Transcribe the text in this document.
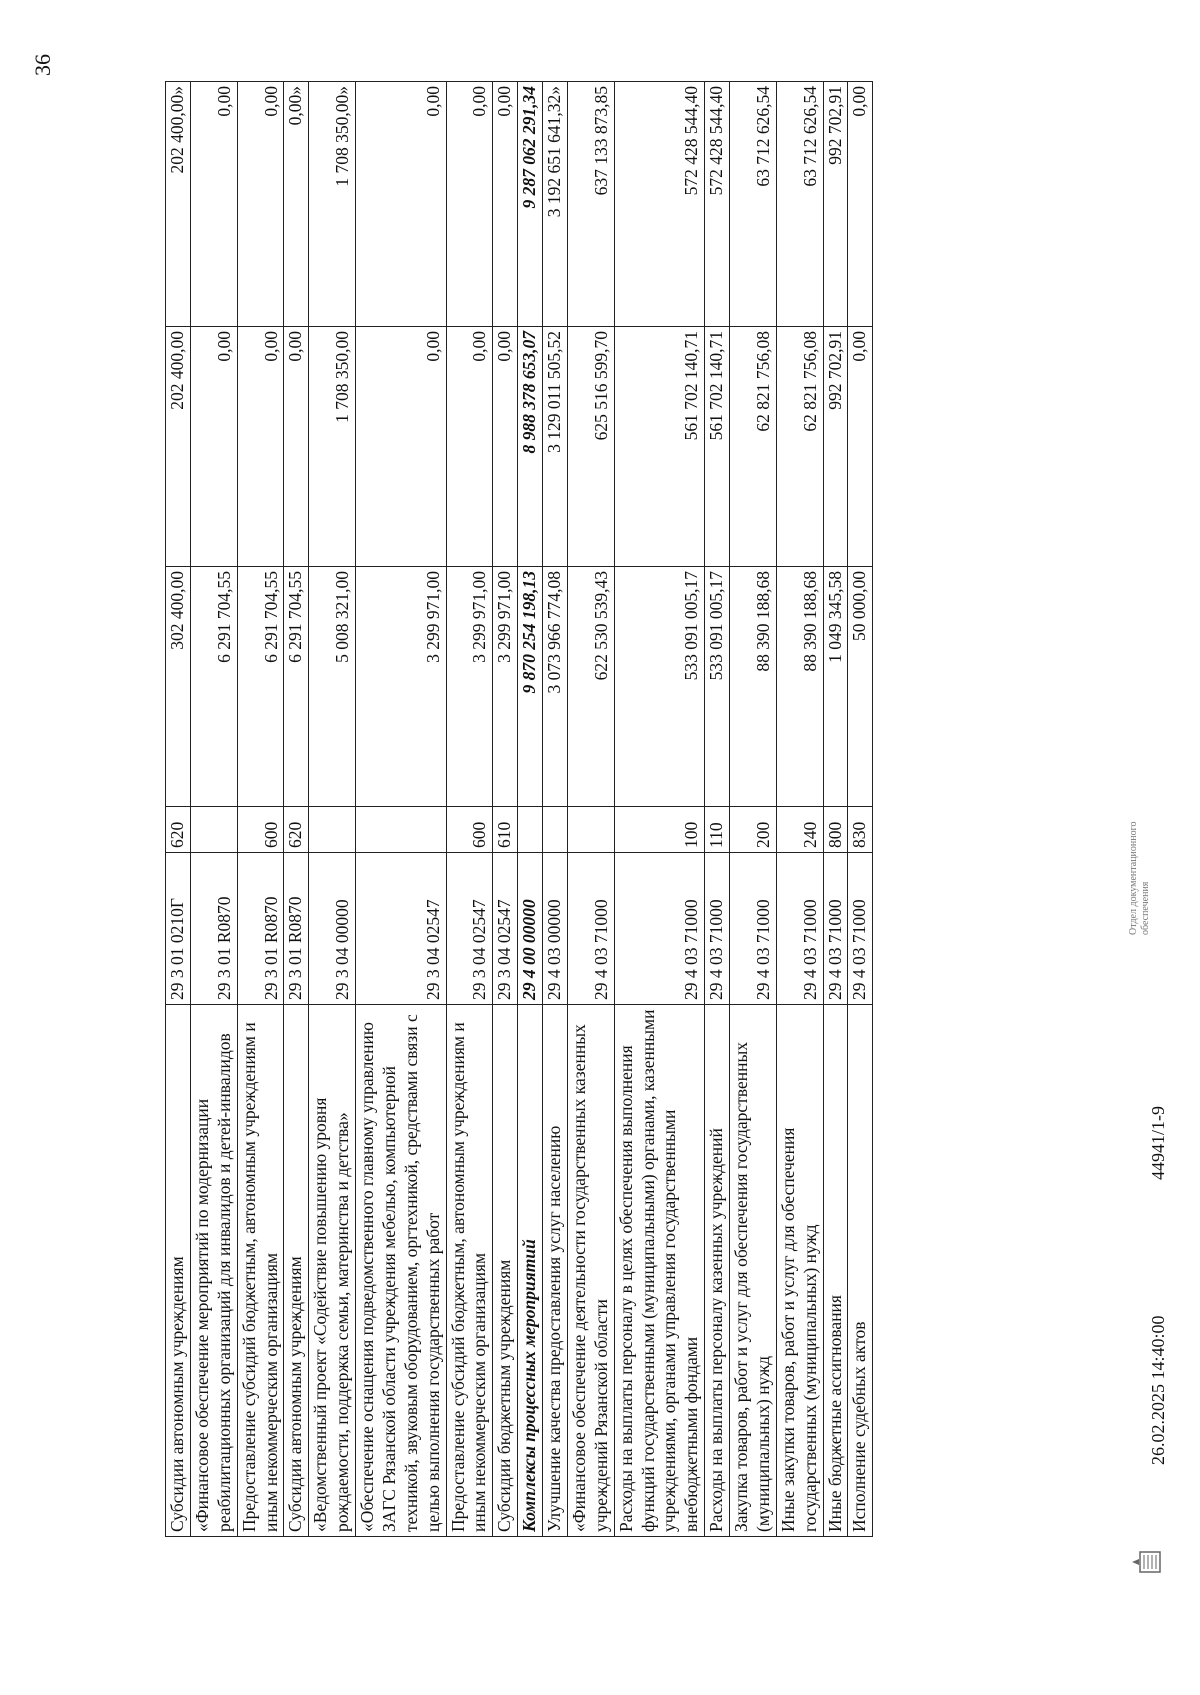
36
Субсидии автономным учреждениям	29 3 01 0210Г	620	302 400,00	202 400,00	202 400,00»
«Финансовое обеспечение мероприятий по модернизации реабилитационных организаций для инвалидов и детей-инвалидов	29 3 01 R0870		6 291 704,55	0,00	0,00
Предоставление субсидий бюджетным, автономным учреждениям и иным некоммерческим организациям	29 3 01 R0870	600	6 291 704,55	0,00	0,00
Субсидии автономным учреждениям	29 3 01 R0870	620	6 291 704,55	0,00	0,00»
«Ведомственный проект «Содействие повышению уровня рождаемости, поддержка семьи, материнства и детства»	29 3 04 00000		5 008 321,00	1 708 350,00	1 708 350,00»
«Обеспечение оснащения подведомственного главному управлению ЗАГС Рязанской области учреждения мебелью, компьютерной техникой, звуковым оборудованием, оргтехникой, средствами связи с целью выполнения государственных работ	29 3 04 02547		3 299 971,00	0,00	0,00
Предоставление субсидий бюджетным, автономным учреждениям и иным некоммерческим организациям	29 3 04 02547	600	3 299 971,00	0,00	0,00
Субсидии бюджетным учреждениям	29 3 04 02547	610	3 299 971,00	0,00	0,00
Комплексы процессных мероприятий	29 4 00 00000		9 870 254 198,13	8 988 378 653,07	9 287 062 291,34
Улучшение качества предоставления услуг населению	29 4 03 00000		3 073 966 774,08	3 129 011 505,52	3 192 651 641,32»
«Финансовое обеспечение деятельности государственных казенных учреждений Рязанской области	29 4 03 71000		622 530 539,43	625 516 599,70	637 133 873,85
Расходы на выплаты персоналу в целях обеспечения выполнения функций государственными (муниципальными) органами, казенными учреждениями, органами управления государственными внебюджетными фондами	29 4 03 71000	100	533 091 005,17	561 702 140,71	572 428 544,40
Расходы на выплаты персоналу казенных учреждений	29 4 03 71000	110	533 091 005,17	561 702 140,71	572 428 544,40
Закупка товаров, работ и услуг для обеспечения государственных (муниципальных) нужд	29 4 03 71000	200	88 390 188,68	62 821 756,08	63 712 626,54
Иные закупки товаров, работ и услуг для обеспечения государственных (муниципальных) нужд	29 4 03 71000	240	88 390 188,68	62 821 756,08	63 712 626,54
Иные бюджетные ассигнования	29 4 03 71000	800	1 049 345,58	992 702,91	992 702,91
Исполнение судебных актов	29 4 03 71000	830	50 000,00	0,00	0,00
26.02.2025 14:40:00
44941/1-9
Отдел документационного обеспечения
